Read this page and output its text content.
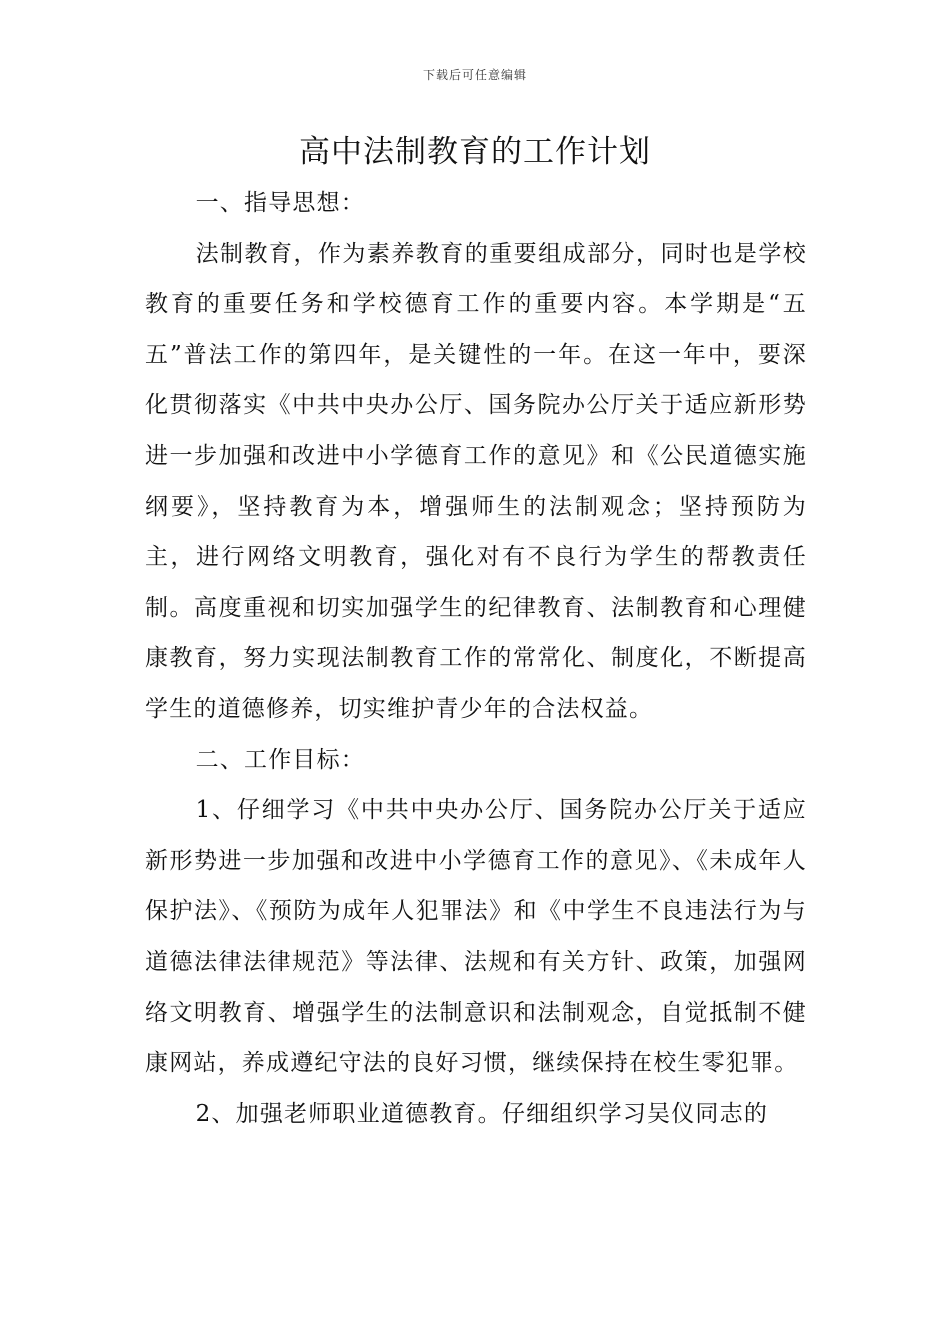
下载后可任意编辑
高中法制教育的工作计划

一、指导思想：

法制教育，作为素养教育的重要组成部分，同时也是学校教育的重要任务和学校德育工作的重要内容。本学期是“五五”普法工作的第四年，是关键性的一年。在这一年中，要深化贯彻落实《中共中央办公厅、国务院办公厅关于适应新形势进一步加强和改进中小学德育工作的意见》和《公民道德实施纲要》，坚持教育为本，增强师生的法制观念；坚持预防为主，进行网络文明教育，强化对有不良行为学生的帮教责任制。高度重视和切实加强学生的纪律教育、法制教育和心理健康教育，努力实现法制教育工作的常常化、制度化，不断提高学生的道德修养，切实维护青少年的合法权益。

二、工作目标：

1、仔细学习《中共中央办公厅、国务院办公厅关于适应新形势进一步加强和改进中小学德育工作的意见》、《未成年人保护法》、《预防为成年人犯罪法》和《中学生不良违法行为与道德法律法律规范》等法律、法规和有关方针、政策，加强网络文明教育、增强学生的法制意识和法制观念，自觉抵制不健康网站，养成遵纪守法的良好习惯，继续保持在校生零犯罪。

2、加强老师职业道德教育。仔细组织学习吴仪同志的
